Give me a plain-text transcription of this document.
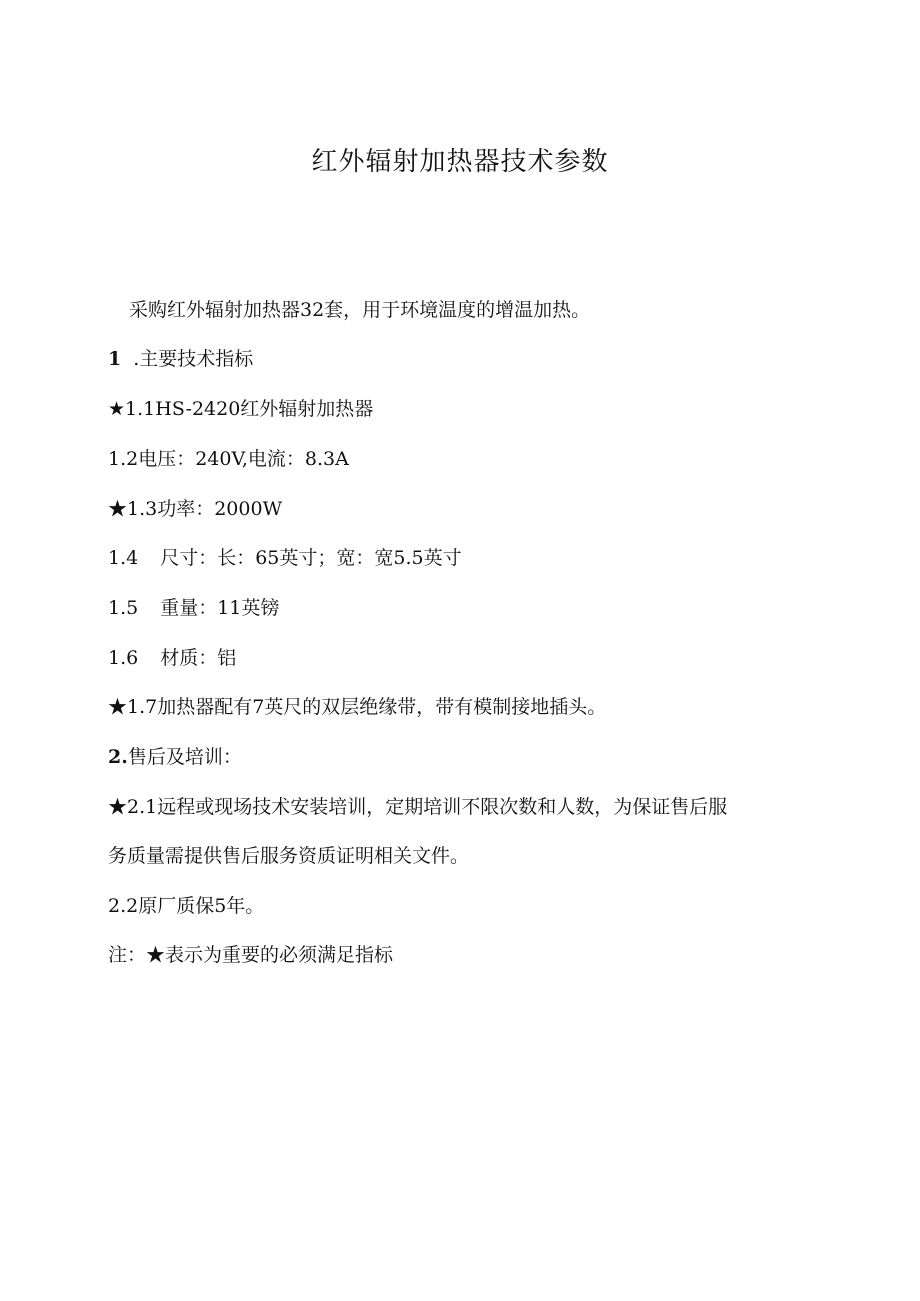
红外辐射加热器技术参数

采购红外辐射加热器32套，用于环境温度的增温加热。

1 .主要技术指标

★1.1HS-2420红外辐射加热器

1.2电压：240V,电流：8.3A

★1.3功率：2000W

1.4 尺寸：长：65英寸；宽：宽5.5英寸

1.5 重量：11英镑

1.6 材质：铝

★1.7加热器配有7英尺的双层绝缘带，带有模制接地插头。

2.售后及培训：

★2.1远程或现场技术安装培训，定期培训不限次数和人数，为保证售后服

务质量需提供售后服务资质证明相关文件。

2.2原厂质保5年。

注：★表示为重要的必须满足指标
